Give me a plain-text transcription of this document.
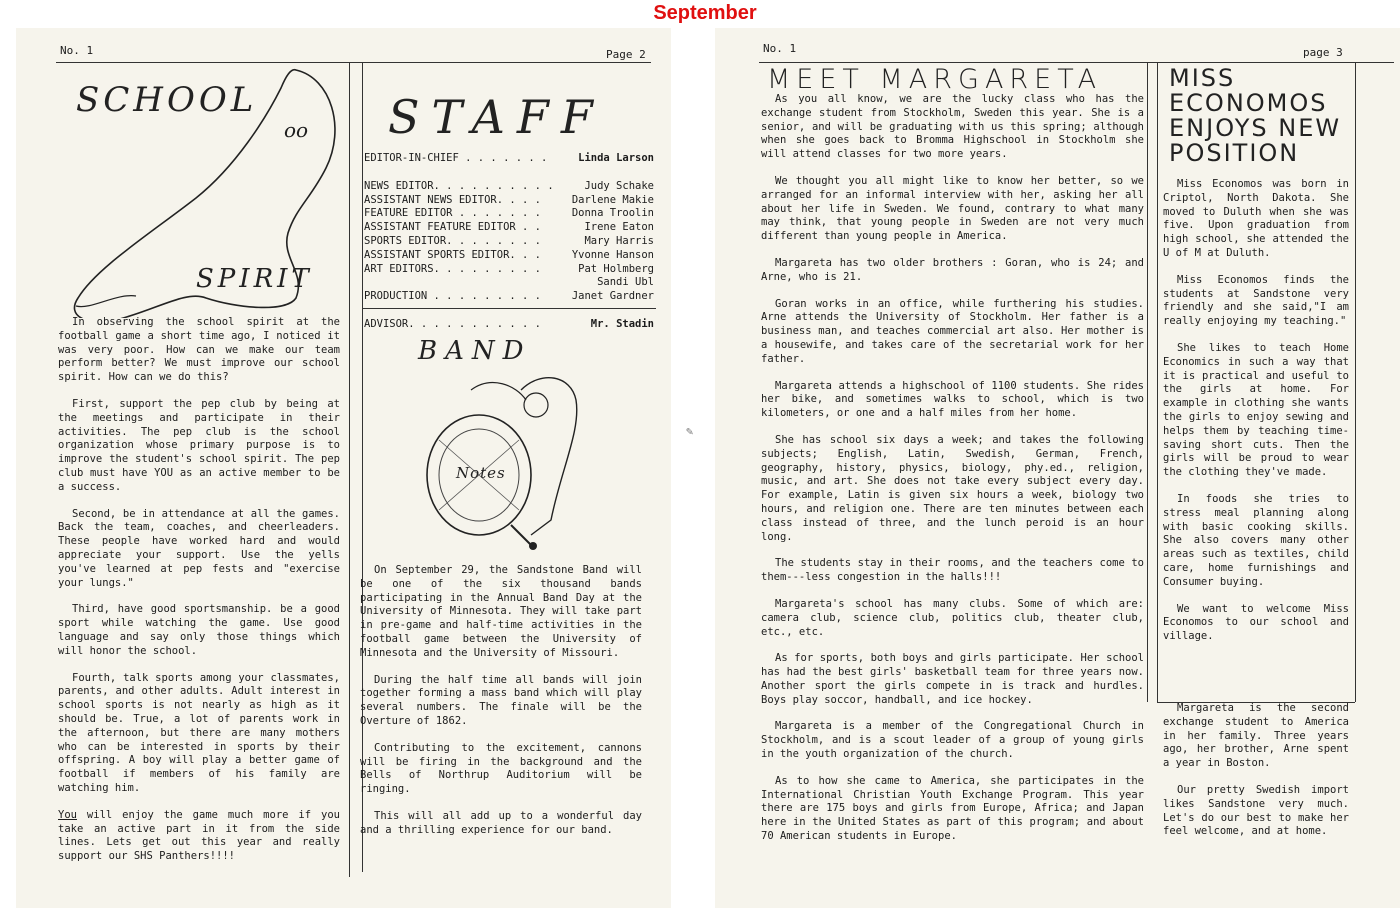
September
No. 1	Page 2
SCHOOL
oo
SPIRIT

In observing the school spirit at the football game a short time ago, I noticed it was very poor. How can we make our team perform better? We must improve our school spirit. How can we do this?

First, support the pep club by being at the meetings and participate in their activities. The pep club is the school organization whose primary purpose is to improve the student's school spirit. The pep club must have YOU as an active member to be a success.

Second, be in attendance at all the games. Back the team, coaches, and cheerleaders. These people have worked hard and would appreciate your support. Use the yells you've learned at pep fests and "exercise your lungs."

Third, have good sportsmanship. be a good sport while watching the game. Use good language and say only those things which will honor the school.

Fourth, talk sports among your classmates, parents, and other adults. Adult interest in school sports is not nearly as high as it should be. True, a lot of parents work in the afternoon, but there are many mothers who can be interested in sports by their offspring. A boy will play a better game of football if members of his family are watching him.

You will enjoy the game much more if you take an active part in it from the side lines. Lets get out this year and really support our SHS Panthers!!!!

STAFF
EDITOR-IN-CHIEF . . . . . . .	Linda Larson
NEWS EDITOR. . . . . . . . . .	Judy Schake
ASSISTANT NEWS EDITOR. . . .	Darlene Makie
FEATURE EDITOR . . . . . . .	Donna Troolin
ASSISTANT FEATURE EDITOR . .	Irene Eaton
SPORTS EDITOR. . . . . . . .	Mary Harris
ASSISTANT SPORTS EDITOR. . .	Yvonne Hanson
ART EDITORS. . . . . . . . .	Pat Holmberg
Sandi Ubl
PRODUCTION . . . . . . . . .	Janet Gardner
ADVISOR. . . . . . . . . . .	Mr. Stadin
BAND
Notes

On September 29, the Sandstone Band will be one of the six thousand bands participating in the Annual Band Day at the University of Minnesota. They will take part in pre-game and half-time activities in the football game between the University of Minnesota and the University of Missouri.

During the half time all bands will join together forming a mass band which will play several numbers. The finale will be the Overture of 1862.

Contributing to the excitement, cannons will be firing in the background and the Bells of Northrup Auditorium will be ringing.

This will all add up to a wonderful day and a thrilling experience for our band.

✎
No. 1	page 3
MEET MARGARETA

As you all know, we are the lucky class who has the exchange student from Stockholm, Sweden this year. She is a senior, and will be graduating with us this spring; although when she goes back to Bromma Highschool in Stockholm she will attend classes for two more years.

We thought you all might like to know her better, so we arranged for an informal interview with her, asking her all about her life in Sweden. We found, contrary to what many may think, that young people in Sweden are not very much different than young people in America.

Margareta has two older brothers : Goran, who is 24; and Arne, who is 21.

Goran works in an office, while furthering his studies. Arne attends the University of Stockholm. Her father is a business man, and teaches commercial art also. Her mother is a housewife, and takes care of the secretarial work for her father.

Margareta attends a highschool of 1100 students. She rides her bike, and sometimes walks to school, which is two kilometers, or one and a half miles from her home.

She has school six days a week; and takes the following subjects; English, Latin, Swedish, German, French, geography, history, physics, biology, phy.ed., religion, music, and art. She does not take every subject every day. For example, Latin is given six hours a week, biology two hours, and religion one. There are ten minutes between each class instead of three, and the lunch peroid is an hour long.

The students stay in their rooms, and the teachers come to them---less congestion in the halls!!!

Margareta's school has many clubs. Some of which are: camera club, science club, politics club, theater club, etc., etc.

As for sports, both boys and girls participate. Her school has had the best girls' basketball team for three years now. Another sport the girls compete in is track and hurdles. Boys play soccor, handball, and ice hockey.

Margareta is a member of the Congregational Church in Stockholm, and is a scout leader of a group of young girls in the youth organization of the church.

As to how she came to America, she participates in the International Christian Youth Exchange Program. This year there are 175 boys and girls from Europe, Africa; and Japan here in the United States as part of this program; and about 70 American students in Europe.

MISS
ECONOMOS
ENJOYS NEW
POSITION

Miss Economos was born in Criptol, North Dakota. She moved to Duluth when she was five. Upon graduation from high school, she attended the U of M at Duluth.

Miss Economos finds the students at Sandstone very friendly and she said,"I am really enjoying my teaching."

She likes to teach Home Economics in such a way that it is practical and useful to the girls at home. For example in clothing she wants the girls to enjoy sewing and helps them by teaching time-saving short cuts. Then the girls will be proud to wear the clothing they've made.

In foods she tries to stress meal planning along with basic cooking skills. She also covers many other areas such as textiles, child care, home furnishings and Consumer buying.

We want to welcome Miss Economos to our school and village.

Margareta is the second exchange student to America in her family. Three years ago, her brother, Arne spent a year in Boston.

Our pretty Swedish import likes Sandstone very much. Let's do our best to make her feel welcome, and at home.
